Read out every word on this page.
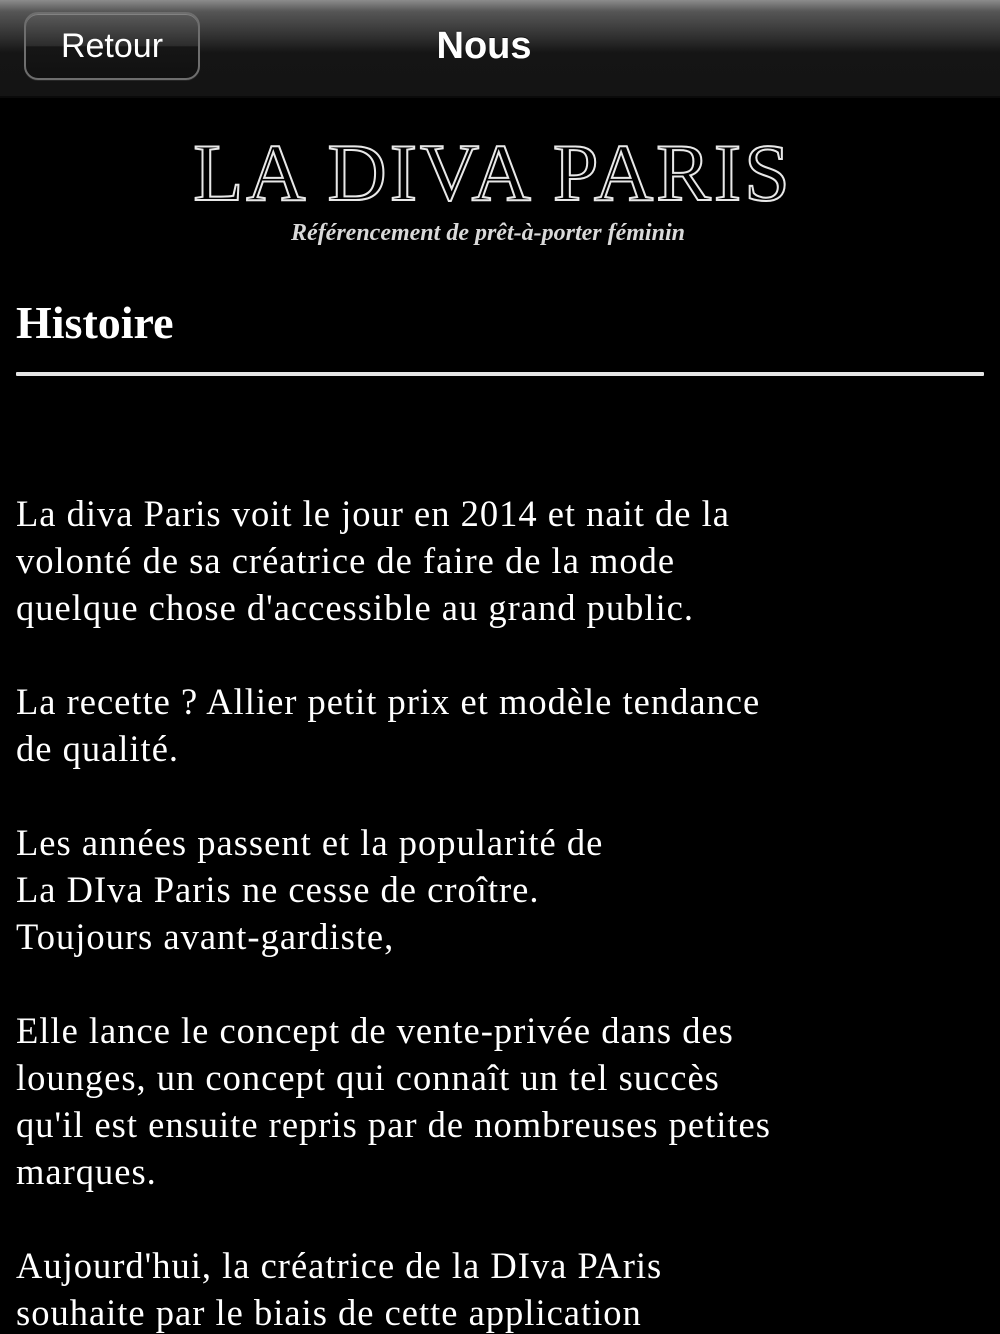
Retour	Nous
LA DIVA PARIS
Référencement de prêt-à-porter féminin
Histoire

La diva Paris voit le jour en 2014 et nait de la
volonté de sa créatrice de faire de la mode
quelque chose d'accessible au grand public.

La recette ? Allier petit prix et modèle tendance
de qualité.

Les années passent et la popularité de
La DIva Paris ne cesse de croître.
Toujours avant-gardiste,

Elle lance le concept de vente-privée dans des
lounges, un concept qui connaît un tel succès
qu'il est ensuite repris par de nombreuses petites
marques.

Aujourd'hui, la créatrice de la DIva PAris
souhaite par le biais de cette application
